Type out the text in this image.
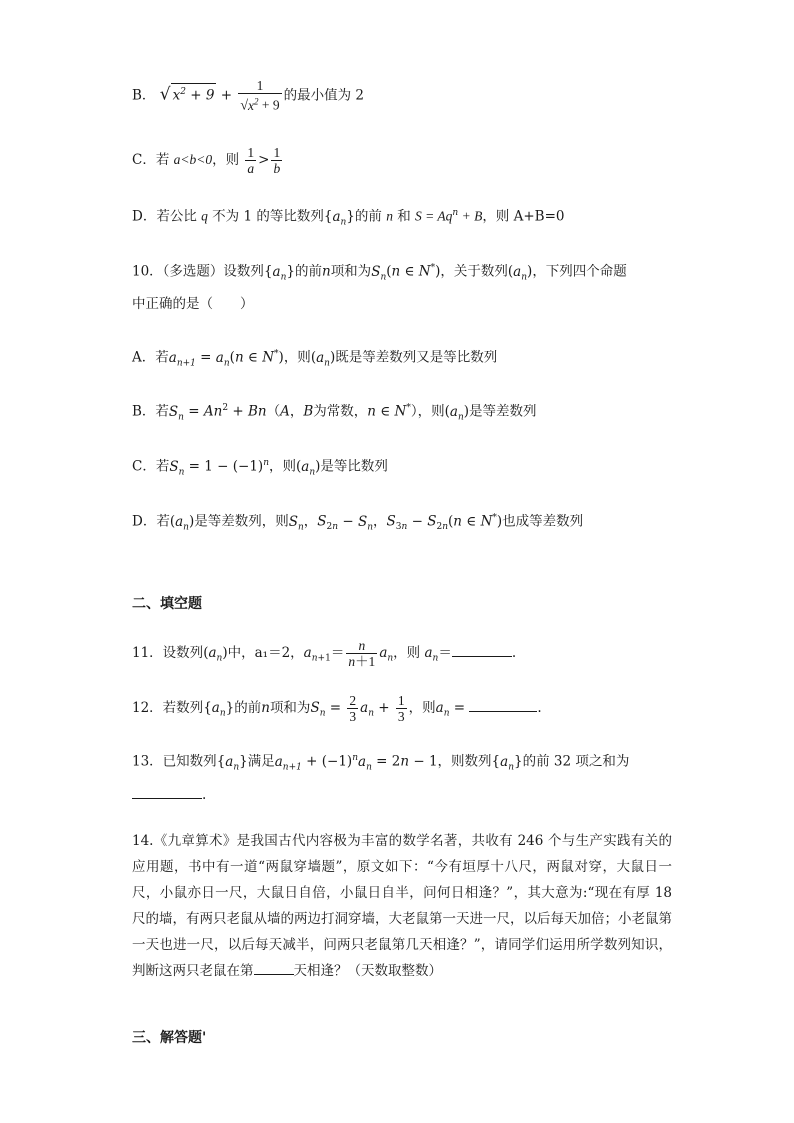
B． √ $x^2 + 9 + \frac{1}{√x^2 + 9}$ 的最小值为 2
C．若 a<b<0，则 $\frac{1}{a} > \frac{1}{b}$
D．若公比 q 不为 1 的等比数列$\{a_n\}$的前 n 和 $S = Aq^n + B$，则 A+B=0
10．（多选题）设数列$\{a_n\}$的前n项和为$S_n(n$ ∈ N*)，关于数列$(a_n)$，下列四个命题
中正确的是（　　）
A．若$a_{n+1} = a_n(n$ ∈ N*)，则$(a_n)$既是等差数列又是等比数列
B．若$S_n = An^2 + Bn(A$，B为常数，n ∈ N*），则$(a_n)$是等差数列
C．若$S_n = 1 - (-1)^n$，则$(a_n)$是等比数列
D．若$(a_n)$是等差数列，则$S_n$，$S_{2n} - S_n$，$S_{3n} - S_{2n}(n$ ∈ N*)也成等差数列
二、填空题
11．设数列$(a_n)$中，a₁＝2，$a_{n+1}= \frac{n}{n+1} a_n$，则 $a_n=$	.
12．若数列$\{a_n\}$的前n项和为$S_n = \frac{2}{3} a_n + \frac{1}{3}$ ，则$a_n$ =	.
13．已知数列$\{a_n\}$满足$a_{n+1} + (-1)^na_n = 2n - 1$，则数列$\{a_n\}$的前 32 项之和为
.
14.《九章算术》是我国古代内容极为丰富的数学名著，共收有 246 个与生产实践有关的应用题，书中有一道“两鼠穿墙题”，原文如下：“今有垣厚十八尺，两鼠对穿，大鼠日一尺，小鼠亦日一尺，大鼠日自倍，小鼠日自半，问何日相逢？”，其大意为:“现在有厚 18 尺的墙，有两只老鼠从墙的两边打洞穿墙，大老鼠第一天进一尺，以后每天加倍；小老鼠第一天也进一尺，以后每天减半，问两只老鼠第几天相逢？”，请同学们运用所学数列知识，判断这两只老鼠在第	天相逢？（天数取整数）
三、解答题'
